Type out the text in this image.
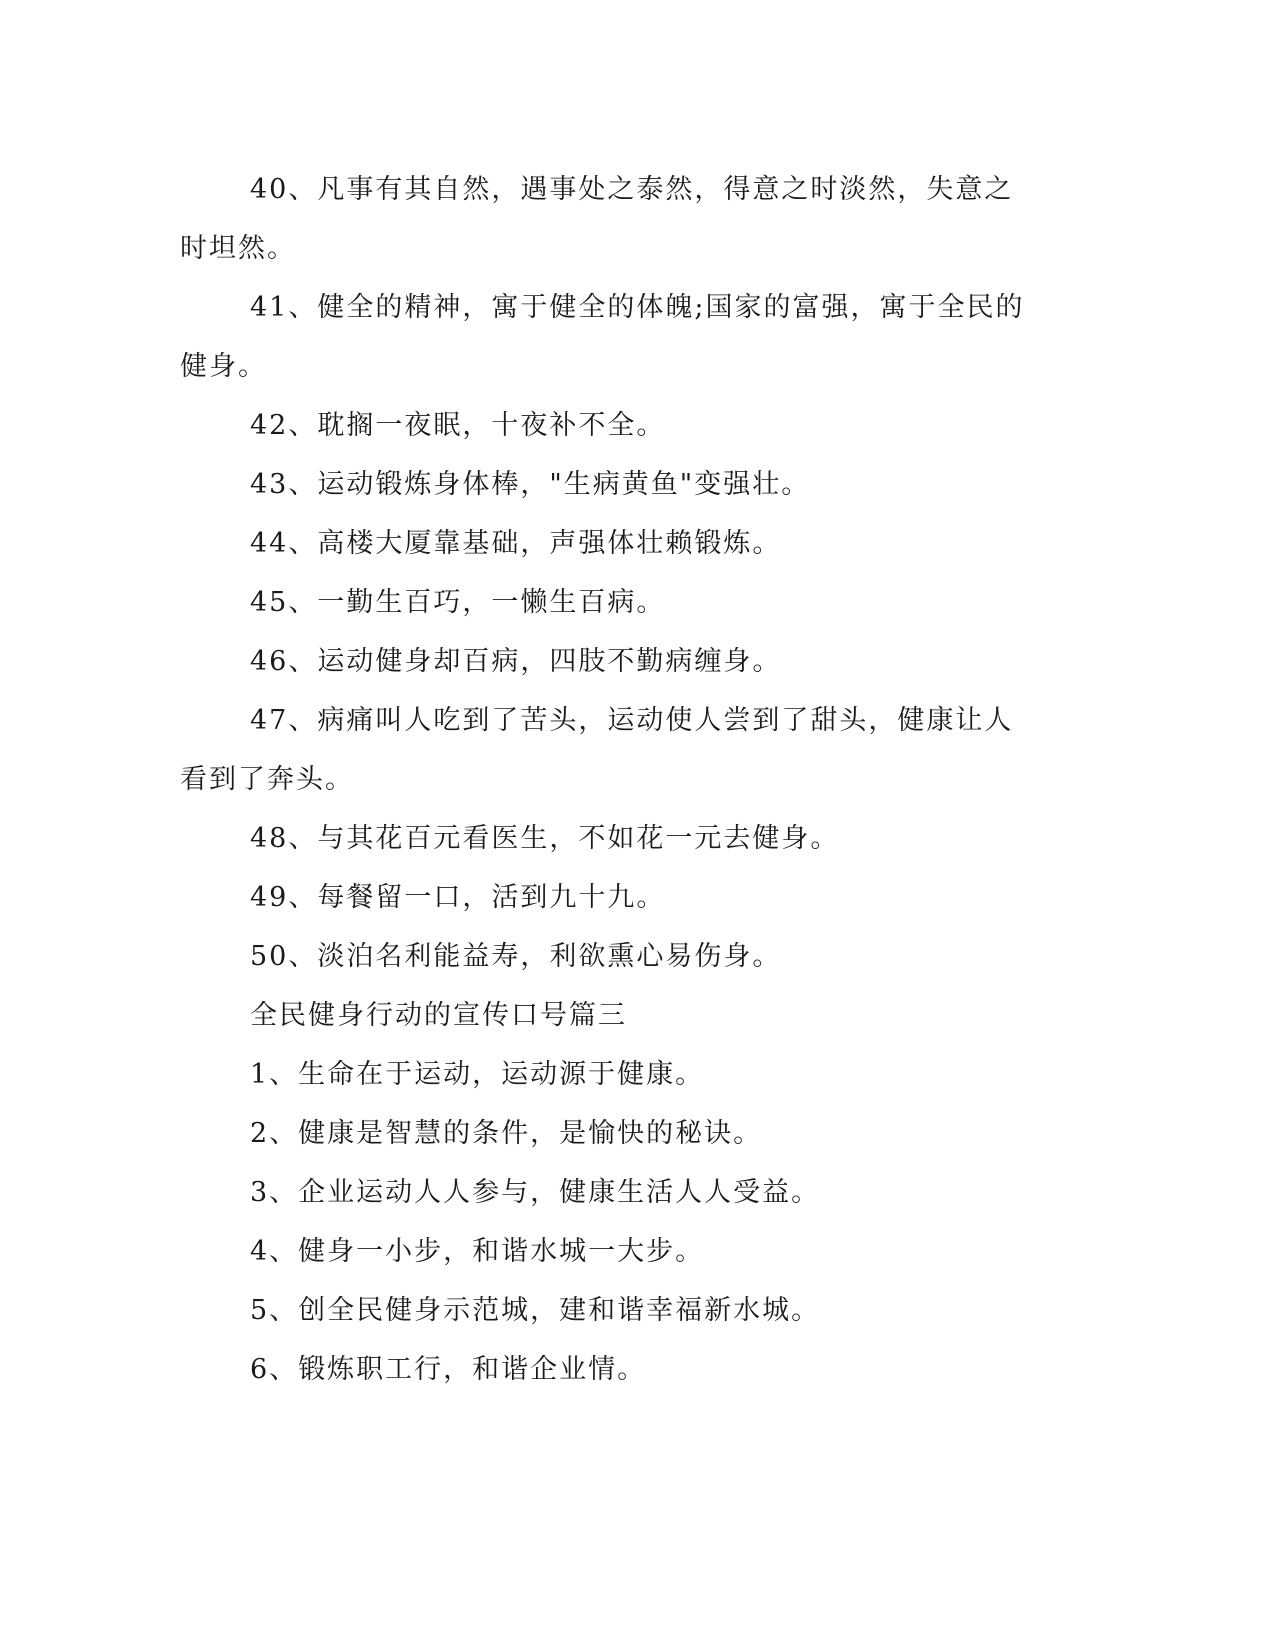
40、凡事有其自然，遇事处之泰然，得意之时淡然，失意之时坦然。

41、健全的精神，寓于健全的体魄;国家的富强，寓于全民的健身。

42、耽搁一夜眠，十夜补不全。

43、运动锻炼身体棒，"生病黄鱼"变强壮。

44、高楼大厦靠基础，声强体壮赖锻炼。

45、一勤生百巧，一懒生百病。

46、运动健身却百病，四肢不勤病缠身。

47、病痛叫人吃到了苦头，运动使人尝到了甜头，健康让人看到了奔头。

48、与其花百元看医生，不如花一元去健身。

49、每餐留一口，活到九十九。

50、淡泊名利能益寿，利欲熏心易伤身。

全民健身行动的宣传口号篇三

1、生命在于运动，运动源于健康。

2、健康是智慧的条件，是愉快的秘诀。

3、企业运动人人参与，健康生活人人受益。

4、健身一小步，和谐水城一大步。

5、创全民健身示范城，建和谐幸福新水城。

6、锻炼职工行，和谐企业情。
